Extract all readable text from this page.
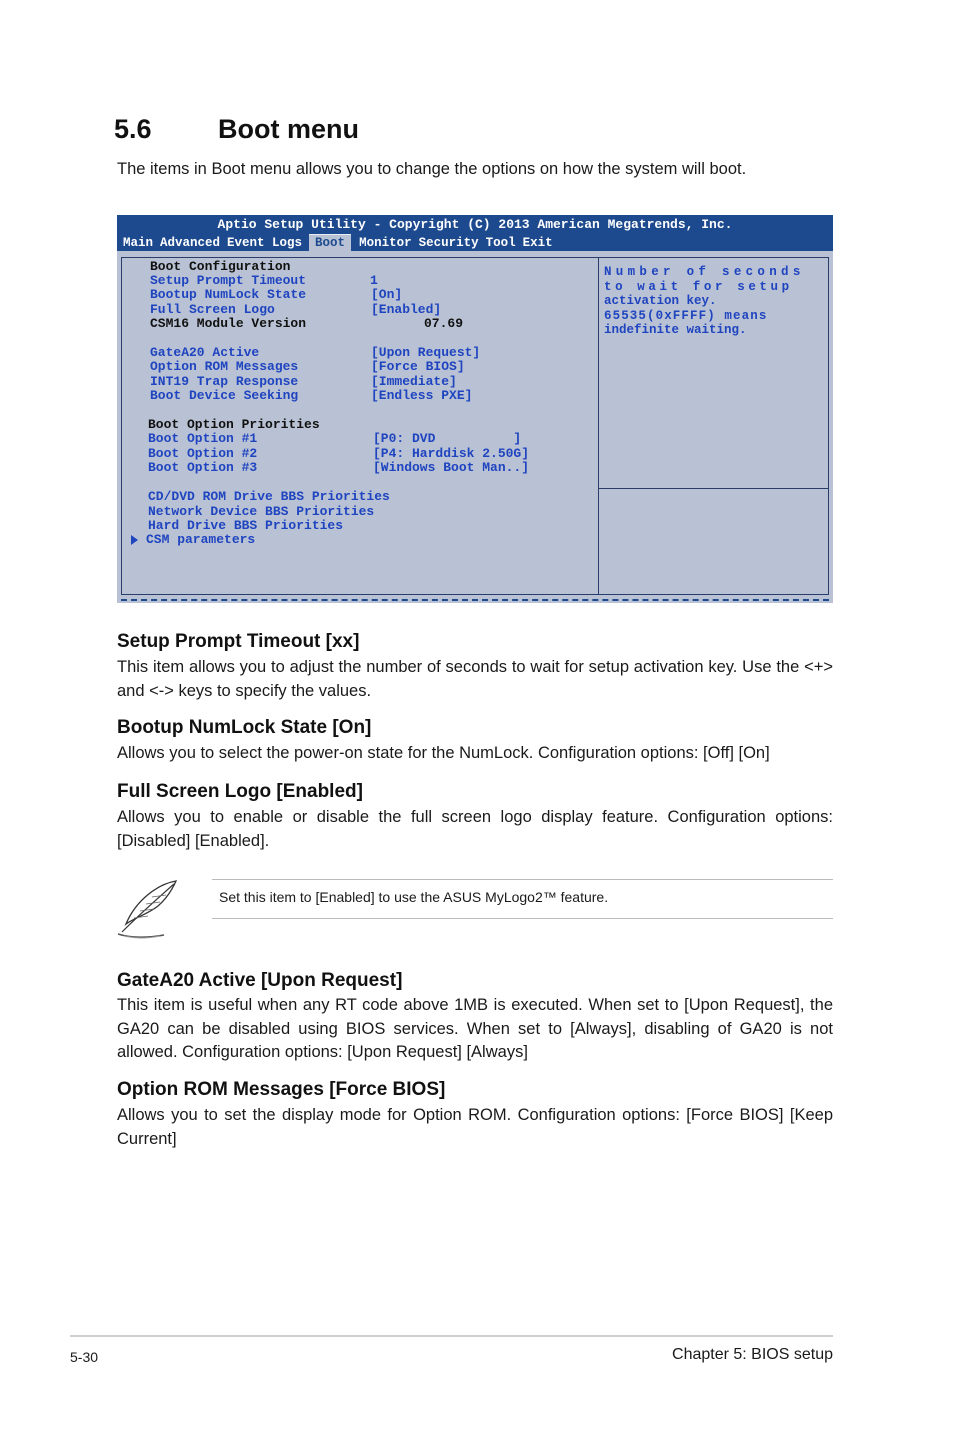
5.6 Boot menu

The items in Boot menu allows you to change the options on how the system will boot.

Aptio Setup Utility - Copyright (C) 2013 American Megatrends, Inc.
Main Advanced Event Logs	Boot	Monitor Security Tool Exit
Boot Configuration
Setup Prompt Timeout	1
Bootup NumLock State	[On]
Full Screen Logo	[Enabled]
CSM16 Module Version	07.69
GateA20 Active	[Upon Request]
Option ROM Messages	[Force BIOS]
INT19 Trap Response	[Immediate]
Boot Device Seeking	[Endless PXE]
Boot Option Priorities
Boot Option #1	[P0: DVD          ]
Boot Option #2	[P4: Harddisk 2.50G]
Boot Option #3	[Windows Boot Man..]
CD/DVD ROM Drive BBS Priorities
Network Device BBS Priorities
Hard Drive BBS Priorities
CSM parameters
Number of seconds
to wait for setup
activation key.
65535(0xFFFF) means
indefinite waiting.
Setup Prompt Timeout [xx]

This item allows you to adjust the number of seconds to wait for setup activation key. Use the <+> and <-> keys to specify the values.

Bootup NumLock State [On]

Allows you to select the power-on state for the NumLock. Configuration options: [Off] [On]

Full Screen Logo [Enabled]

Allows you to enable or disable the full screen logo display feature. Configuration options: [Disabled] [Enabled].

Set this item to [Enabled] to use the ASUS MyLogo2™ feature.

GateA20 Active [Upon Request]

This item is useful when any RT code above 1MB is executed. When set to [Upon Request], the GA20 can be disabled using BIOS services. When set to [Always], disabling of GA20 is not allowed. Configuration options: [Upon Request] [Always]

Option ROM Messages [Force BIOS]

Allows you to set the display mode for Option ROM. Configuration options: [Force BIOS] [Keep Current]

5-30	Chapter 5: BIOS setup
